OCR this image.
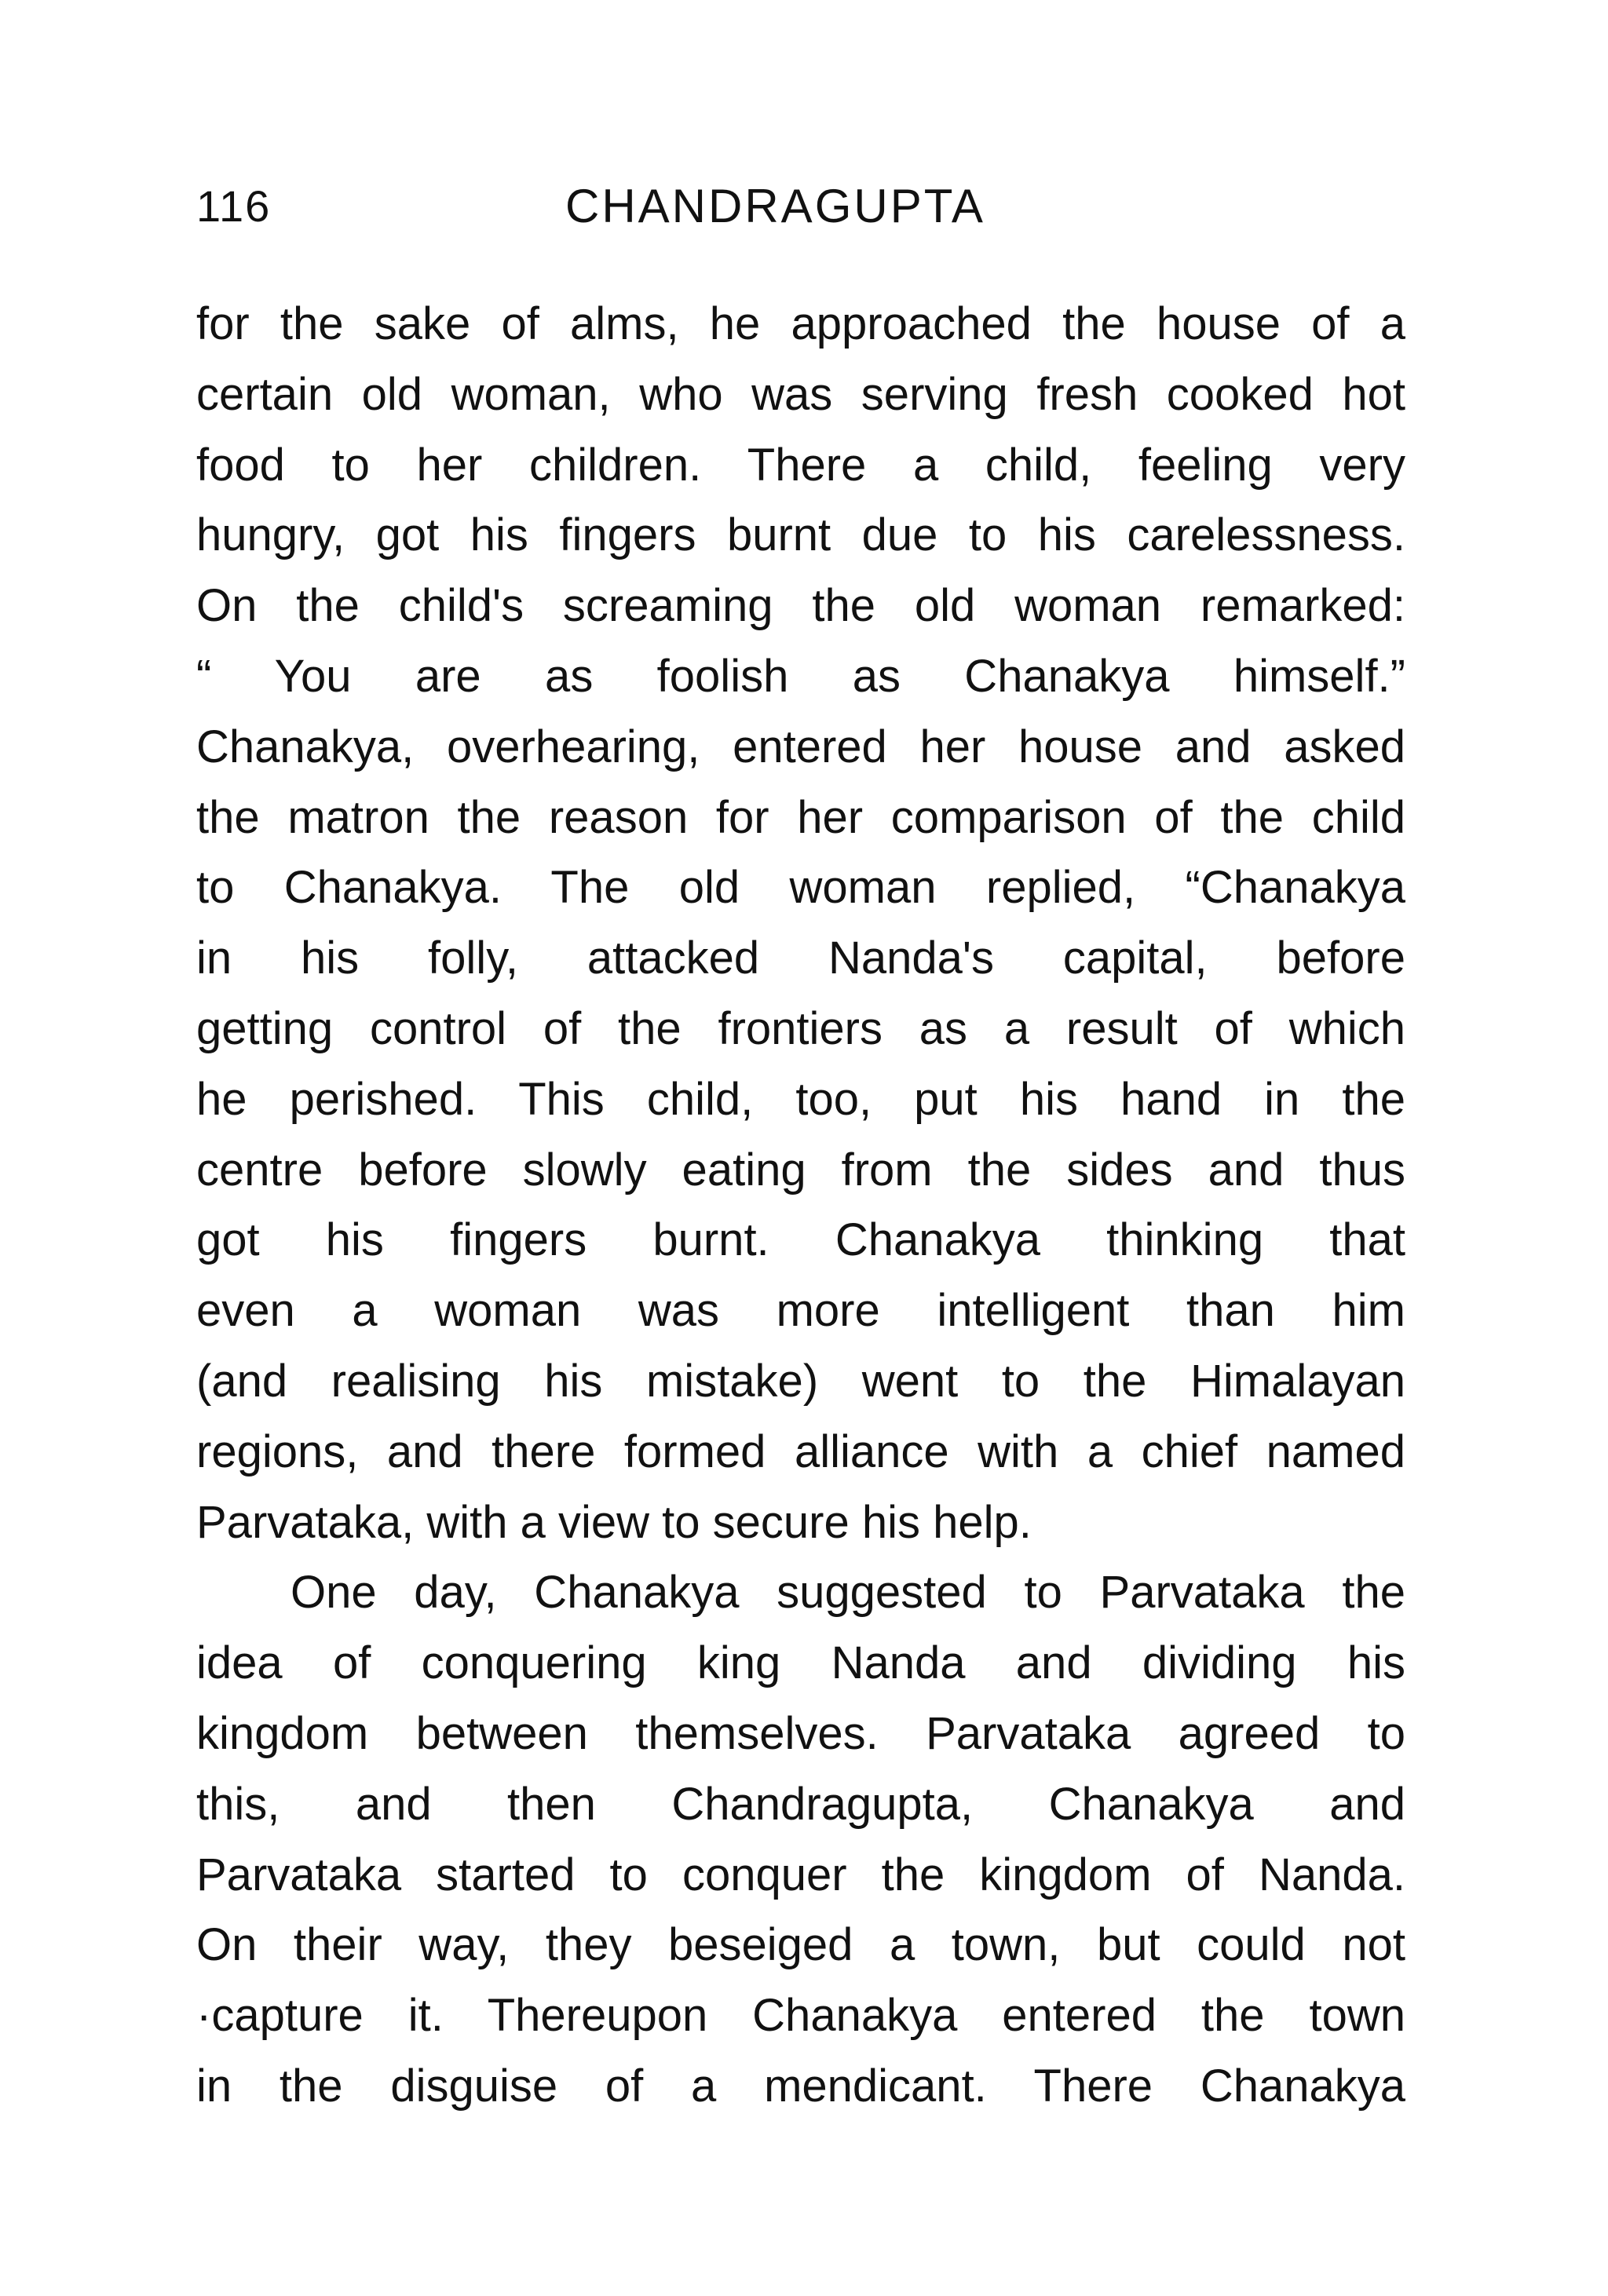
116	CHANDRAGUPTA
for the sake of alms, he approached the house of a
certain old woman, who was serving fresh cooked hot
food to her children. There a child, feeling very
hungry, got his fingers burnt due to his carelessness.
On the child's screaming the old woman remarked:
“ You are as foolish as Chanakya himself.”
Chanakya, overhearing, entered her house and asked
the matron the reason for her comparison of the child
to Chanakya. The old woman replied, “Chanakya
in his folly, attacked Nanda's capital, before
getting control of the frontiers as a result of which
he perished. This child, too, put his hand in the
centre before slowly eating from the sides and thus
got his fingers burnt. Chanakya thinking that
even a woman was more intelligent than him
(and realising his mistake) went to the Himalayan
regions, and there formed alliance with a chief named
Parvataka, with a view to secure his help.
One day, Chanakya suggested to Parvataka the
idea of conquering king Nanda and dividing his
kingdom between themselves. Parvataka agreed to
this, and then Chandragupta, Chanakya and
Parvataka started to conquer the kingdom of Nanda.
On their way, they beseiged a town, but could not
·capture it. Thereupon Chanakya entered the town
in the disguise of a mendicant. There Chanakya
